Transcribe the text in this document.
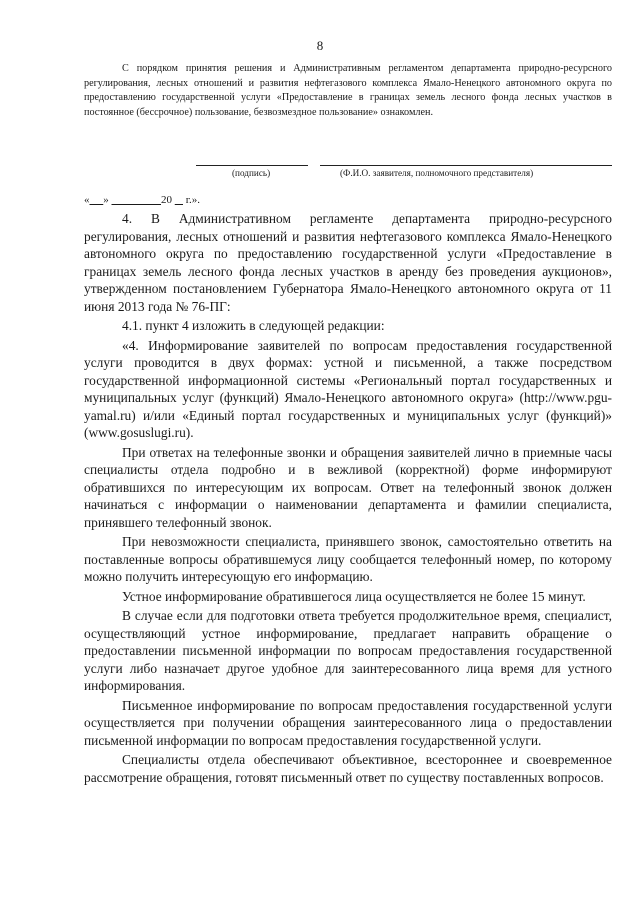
8
С порядком принятия решения и Административным регламентом департамента природно-ресурсного регулирования, лесных отношений и развития нефтегазового комплекса Ямало-Ненецкого автономного округа по предоставлению государственной услуги «Предоставление в границах земель лесного фонда лесных участков в постоянное (бессрочное) пользование, безвозмездное пользование» ознакомлен.
(подпись)	(Ф.И.О. заявителя, полномочного представителя)
« »	20     г.».

4. В Административном регламенте департамента природно-ресурсного регулирования, лесных отношений и развития нефтегазового комплекса Ямало-Ненецкого автономного округа по предоставлению государственной услуги «Предоставление в границах земель лесного фонда лесных участков в аренду без проведения аукционов», утвержденном постановлением Губернатора Ямало-Ненецкого автономного округа от 11 июня 2013 года № 76-ПГ:

4.1. пункт 4 изложить в следующей редакции:

«4. Информирование заявителей по вопросам предоставления государственной услуги проводится в двух формах: устной и письменной, а также посредством государственной информационной системы «Региональный портал государственных и муниципальных услуг (функций) Ямало-Ненецкого автономного округа» (http://www.pgu-yamal.ru) и/или «Единый портал государственных и муниципальных услуг (функций)» (www.gosuslugi.ru).

При ответах на телефонные звонки и обращения заявителей лично в приемные часы специалисты отдела подробно и в вежливой (корректной) форме информируют обратившихся по интересующим их вопросам. Ответ на телефонный звонок должен начинаться с информации о наименовании департамента и фамилии специалиста, принявшего телефонный звонок.

При невозможности специалиста, принявшего звонок, самостоятельно ответить на поставленные вопросы обратившемуся лицу сообщается телефонный номер, по которому можно получить интересующую его информацию.

Устное информирование обратившегося лица осуществляется не более 15 минут.

В случае если для подготовки ответа требуется продолжительное время, специалист, осуществляющий устное информирование, предлагает направить обращение о предоставлении письменной информации по вопросам предоставления государственной услуги либо назначает другое удобное для заинтересованного лица время для устного информирования.

Письменное информирование по вопросам предоставления государственной услуги осуществляется при получении обращения заинтересованного лица о предоставлении письменной информации по вопросам предоставления государственной услуги.

Специалисты отдела обеспечивают объективное, всестороннее и своевременное рассмотрение обращения, готовят письменный ответ по существу поставленных вопросов.
